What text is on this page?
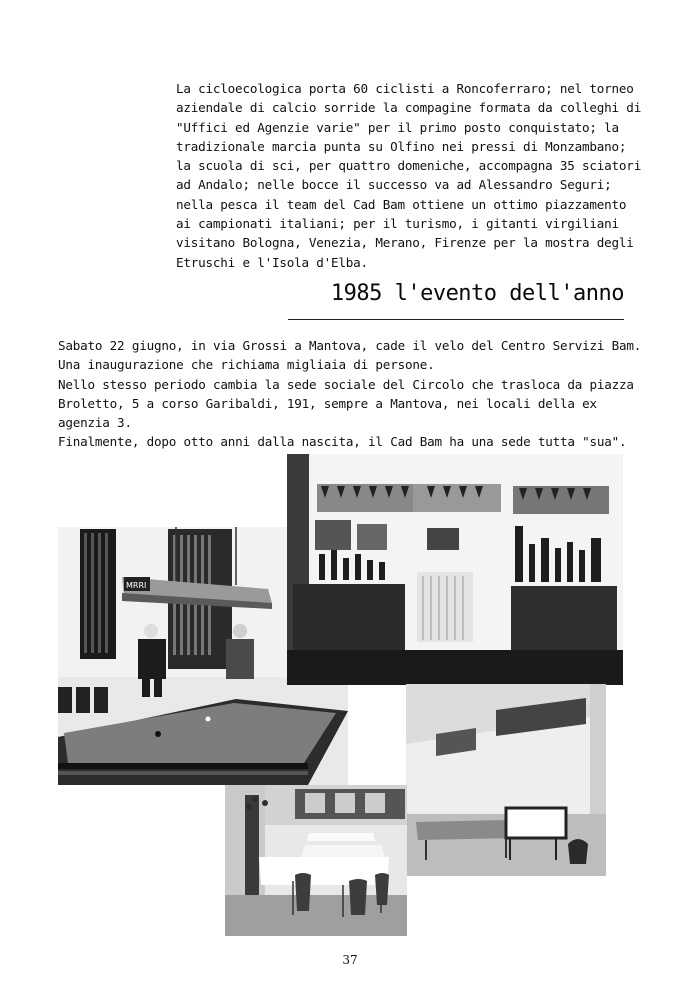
La cicloecologica porta 60 ciclisti a Roncoferraro; nel torneo
aziendale di calcio sorride la compagine formata da colleghi di
"Uffici ed Agenzie varie" per il primo posto conquistato; la
tradizionale marcia punta su Olfino nei pressi di Monzambano;
la scuola di sci, per quattro domeniche, accompagna 35 sciatori
ad Andalo; nelle bocce il successo va ad Alessandro Seguri;
nella pesca il team del Cad Bam ottiene un ottimo piazzamento
ai campionati italiani; per il turismo, i gitanti virgiliani
visitano Bologna, Venezia, Merano, Firenze per la mostra degli
Etruschi e l'Isola d'Elba.
1985 l'evento dell'anno
Sabato 22 giugno, in via Grossi a Mantova, cade il velo del Centro Servizi Bam.
Una inaugurazione che richiama migliaia di persone.
Nello stesso periodo cambia la sede sociale del Circolo che trasloca da piazza
Broletto, 5 a corso Garibaldi, 191, sempre a Mantova, nei locali della ex
agenzia 3.
Finalmente, dopo otto anni dalla nascita, il Cad Bam ha una sede tutta "sua".
MRRI
37
